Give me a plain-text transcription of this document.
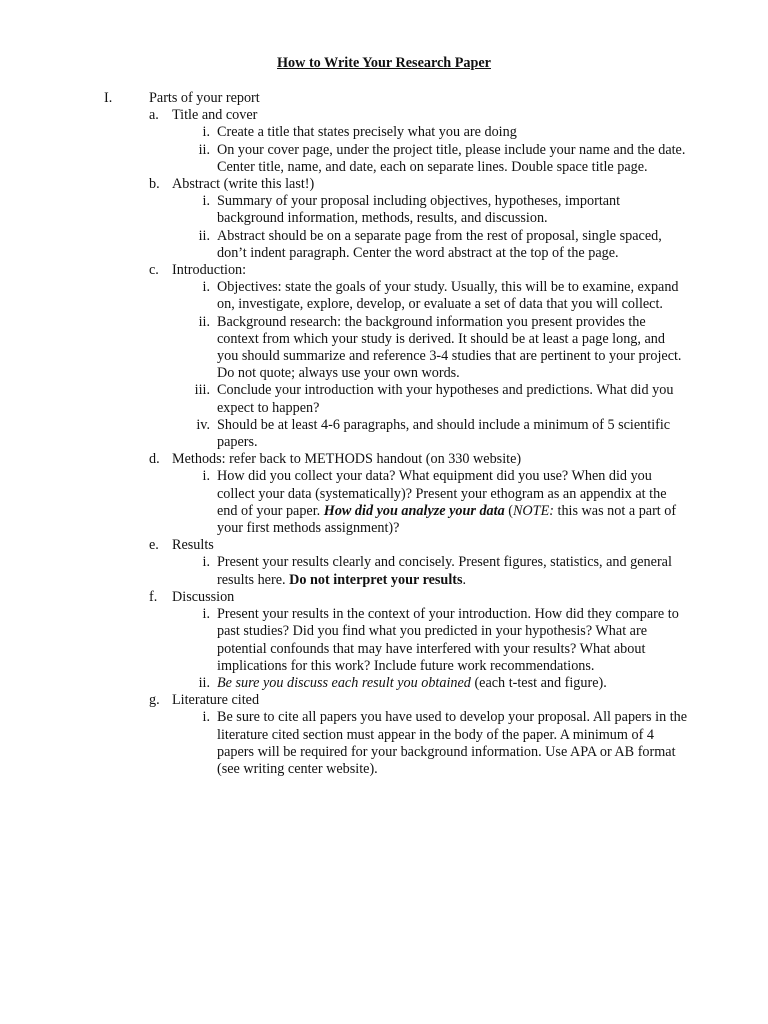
How to Write Your Research Paper
I.	Parts of your report
a. Title and cover
i. Create a title that states precisely what you are doing
ii. On your cover page, under the project title, please include your name and the date. Center title, name, and date, each on separate lines. Double space title page.
b. Abstract (write this last!)
i. Summary of your proposal including objectives, hypotheses, important background information, methods, results, and discussion.
ii. Abstract should be on a separate page from the rest of proposal, single spaced, don’t indent paragraph. Center the word abstract at the top of the page.
c. Introduction:
i. Objectives: state the goals of your study. Usually, this will be to examine, expand on, investigate, explore, develop, or evaluate a set of data that you will collect.
ii. Background research: the background information you present provides the context from which your study is derived. It should be at least a page long, and you should summarize and reference 3-4 studies that are pertinent to your project. Do not quote; always use your own words.
iii. Conclude your introduction with your hypotheses and predictions. What did you expect to happen?
iv. Should be at least 4-6 paragraphs, and should include a minimum of 5 scientific papers.
d. Methods: refer back to METHODS handout (on 330 website)
i. How did you collect your data? What equipment did you use? When did you collect your data (systematically)? Present your ethogram as an appendix at the end of your paper. How did you analyze your data (NOTE: this was not a part of your first methods assignment)?
e. Results
i. Present your results clearly and concisely. Present figures, statistics, and general results here. Do not interpret your results.
f. Discussion
i. Present your results in the context of your introduction. How did they compare to past studies? Did you find what you predicted in your hypothesis? What are potential confounds that may have interfered with your results? What about implications for this work? Include future work recommendations.
ii. Be sure you discuss each result you obtained (each t-test and figure).
g. Literature cited
i. Be sure to cite all papers you have used to develop your proposal. All papers in the literature cited section must appear in the body of the paper. A minimum of 4 papers will be required for your background information. Use APA or AB format (see writing center website).
